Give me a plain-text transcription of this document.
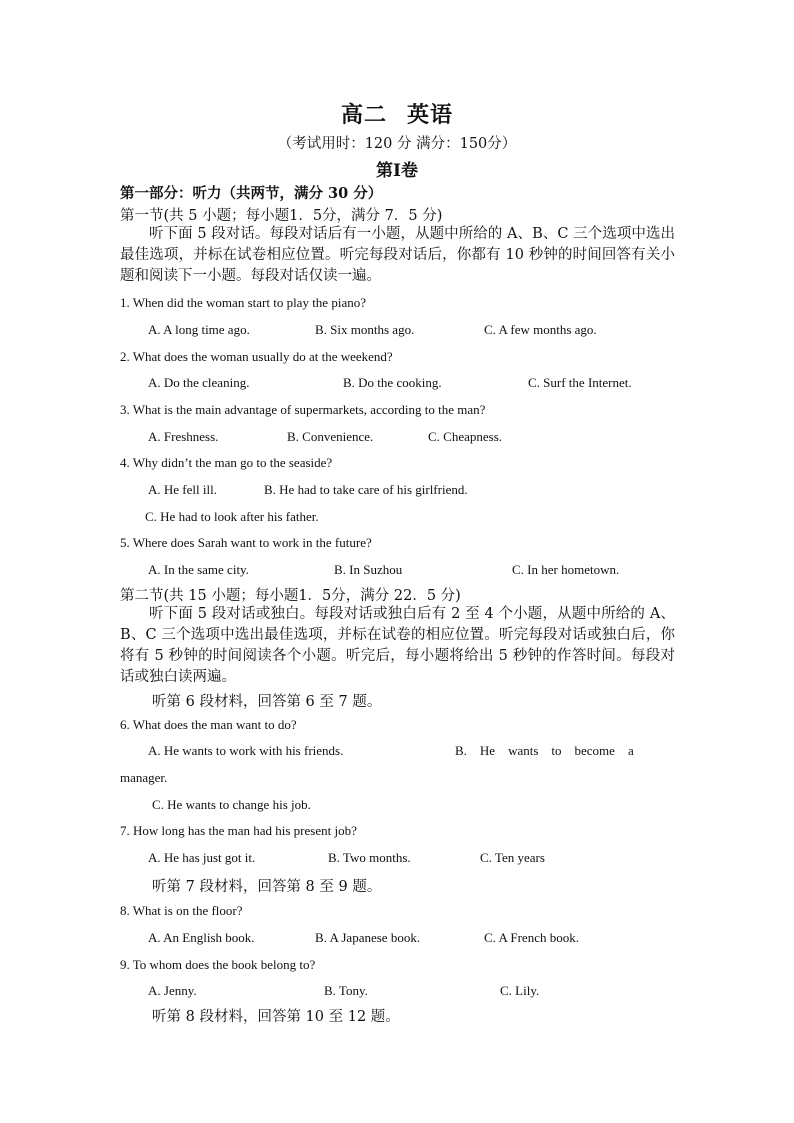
高二 英语
（考试用时：120 分 满分：150分）
第Ⅰ卷
第一部分：听力（共两节，满分 30 分）
第一节(共 5 小题；每小题1．5分，满分 7．5 分)
听下面 5 段对话。每段对话后有一小题，从题中所给的 A、B、C 三个选项中选出最佳选项，并标在试卷相应位置。听完每段对话后，你都有 10 秒钟的时间回答有关小题和阅读下一小题。每段对话仅读一遍。
1. When did the woman start to play the piano?
A. A long time ago.	B. Six months ago.	C. A few months ago.
2. What does the woman usually do at the weekend?
A. Do the cleaning.	B. Do the cooking.	C. Surf the Internet.
3. What is the main advantage of supermarkets, according to the man?
A. Freshness.	B. Convenience.	C. Cheapness.
4. Why didn’t the man go to the seaside?
A. He fell ill.	B. He had to take care of his girlfriend.
C. He had to look after his father.
5. Where does Sarah want to work in the future?
A. In the same city.	B. In Suzhou	C. In her hometown.
第二节(共 15 小题；每小题1．5分，满分 22．5 分)
听下面 5 段对话或独白。每段对话或独白后有 2 至 4 个小题，从题中所给的 A、B、C 三个选项中选出最佳选项，并标在试卷的相应位置。听完每段对话或独白后，你将有 5 秒钟的时间阅读各个小题。听完后，每小题将给出 5 秒钟的作答时间。每段对话或独白读两遍。
听第 6 段材料，回答第 6 至 7 题。
6. What does the man want to do?
A. He wants to work with his friends.	B.    He    wants    to    become    a
manager.
C. He wants to change his job.
7. How long has the man had his present job?
A. He has just got it.	B. Two months.	C. Ten years
听第 7 段材料，回答第 8 至 9 题。
8. What is on the floor?
A. An English book.	B. A Japanese book.	C. A French book.
9. To whom does the book belong to?
A. Jenny.	B. Tony.	C. Lily.
听第 8 段材料，回答第 10 至 12 题。
